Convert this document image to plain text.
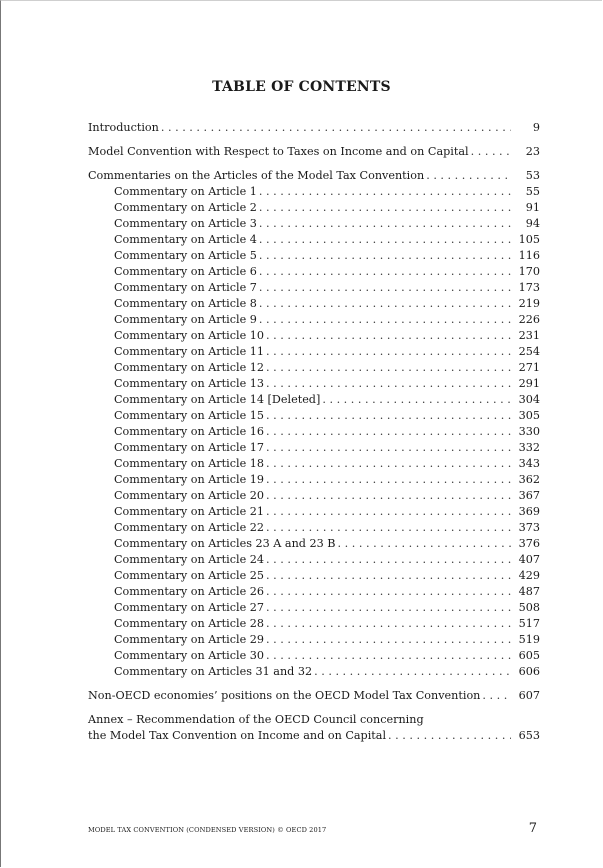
TABLE OF CONTENTS
Introduction . . .	9
Model Convention with Respect to Taxes on Income and on Capital . . .	23
Commentaries on the Articles of the Model Tax Convention . . .	53
Commentary on Article 1 . . .	55
Commentary on Article 2 . . .	91
Commentary on Article 3 . . .	94
Commentary on Article 4 . . .	105
Commentary on Article 5 . . .	116
Commentary on Article 6 . . .	170
Commentary on Article 7 . . .	173
Commentary on Article 8 . . .	219
Commentary on Article 9 . . .	226
Commentary on Article 10 . . .	231
Commentary on Article 11 . . .	254
Commentary on Article 12 . . .	271
Commentary on Article 13 . . .	291
Commentary on Article 14 [Deleted] . . .	304
Commentary on Article 15 . . .	305
Commentary on Article 16 . . .	330
Commentary on Article 17 . . .	332
Commentary on Article 18 . . .	343
Commentary on Article 19 . . .	362
Commentary on Article 20 . . .	367
Commentary on Article 21 . . .	369
Commentary on Article 22 . . .	373
Commentary on Articles 23 A and 23 B . . .	376
Commentary on Article 24 . . .	407
Commentary on Article 25 . . .	429
Commentary on Article 26 . . .	487
Commentary on Article 27 . . .	508
Commentary on Article 28 . . .	517
Commentary on Article 29 . . .	519
Commentary on Article 30 . . .	605
Commentary on Articles 31 and 32 . . .	606
Non-OECD economies’ positions on the OECD Model Tax Convention . . .	607
Annex – Recommendation of the OECD Council concerning
the Model Tax Convention on Income and on Capital . . .	653
MODEL TAX CONVENTION (CONDENSED VERSION) © OECD 2017	7
